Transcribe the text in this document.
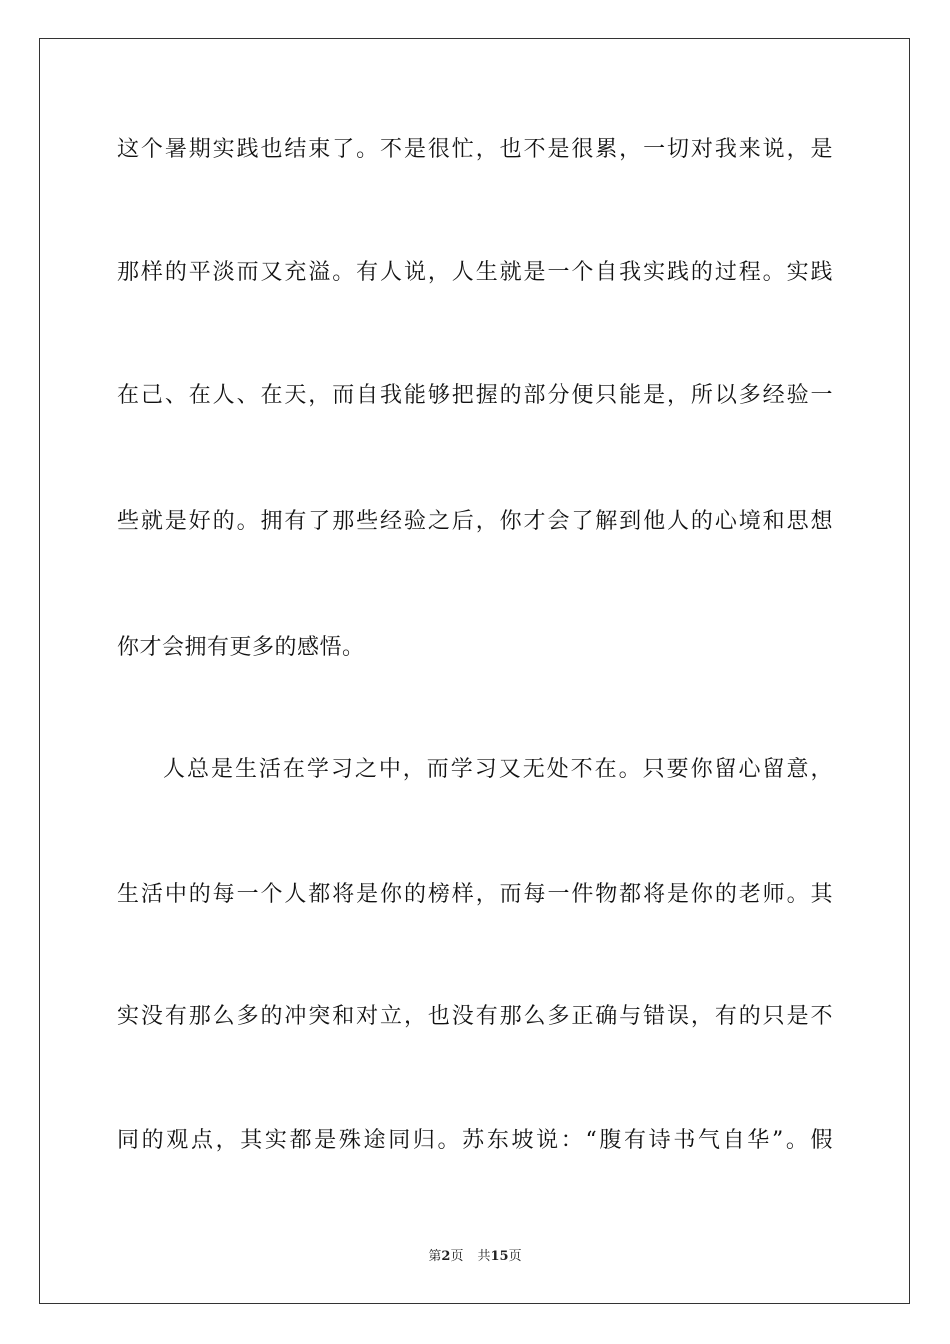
这个暑期实践也结束了。不是很忙，也不是很累，一切对我来说，是
那样的平淡而又充溢。有人说，人生就是一个自我实践的过程。实践
在己、在人、在天，而自我能够把握的部分便只能是，所以多经验一
些就是好的。拥有了那些经验之后，你才会了解到他人的心境和思想
你才会拥有更多的感悟。
人总是生活在学习之中，而学习又无处不在。只要你留心留意，
生活中的每一个人都将是你的榜样，而每一件物都将是你的老师。其
实没有那么多的冲突和对立，也没有那么多正确与错误，有的只是不
同的观点，其实都是殊途同归。苏东坡说：“腹有诗书气自华”。假
第2页 共15页
